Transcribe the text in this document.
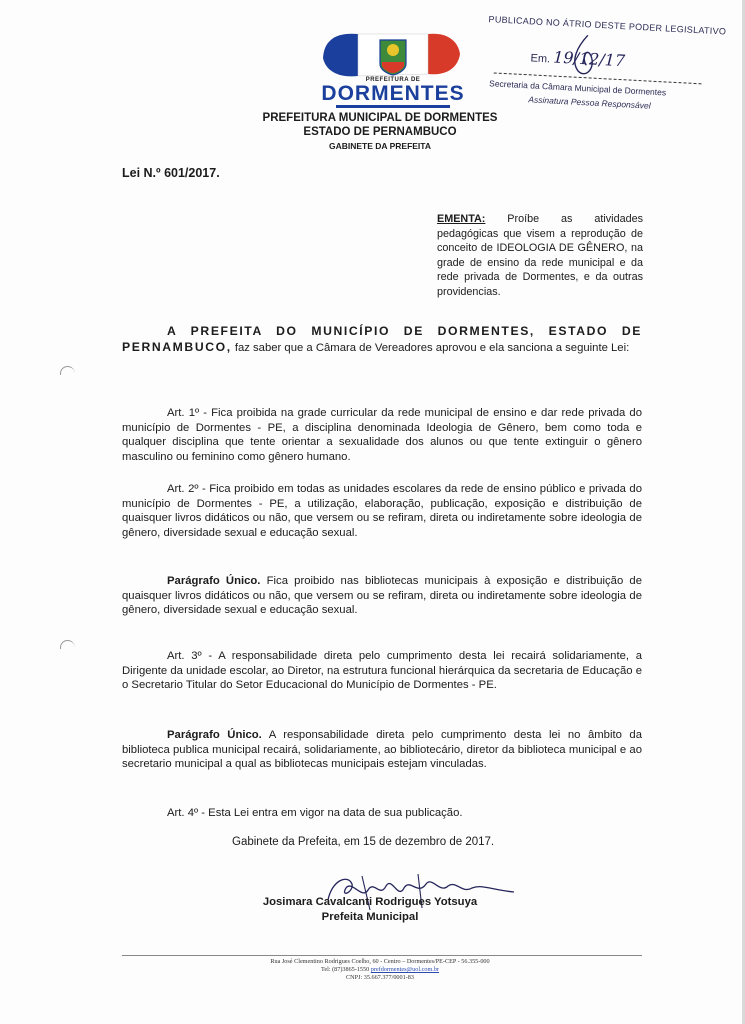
PREFEITURA DE
DORMENTES
PREFEITURA MUNICIPAL DE DORMENTES
ESTADO DE PERNAMBUCO
GABINETE DA PREFEITA
PUBLICADO NO ÁTRIO DESTE PODER LEGISLATIVO
Em. 19/12/17
Secretaria da Câmara Municipal de Dormentes
Assinatura Pessoa Responsável
Lei N.º 601/2017.
EMENTA: Proíbe as atividades pedagógicas que visem a reprodução de conceito de IDEOLOGIA DE GÊNERO, na grade de ensino da rede municipal e da rede privada de Dormentes, e da outras providencias.
A PREFEITA DO MUNICÍPIO DE DORMENTES, ESTADO DE PERNAMBUCO, faz saber que a Câmara de Vereadores aprovou e ela sanciona a seguinte Lei:
Art. 1º - Fica proibida na grade curricular da rede municipal de ensino e dar rede privada do município de Dormentes - PE, a disciplina denominada Ideologia de Gênero, bem como toda e qualquer disciplina que tente orientar a sexualidade dos alunos ou que tente extinguir o gênero masculino ou feminino como gênero humano.
Art. 2º - Fica proibido em todas as unidades escolares da rede de ensino público e privada do município de Dormentes - PE, a utilização, elaboração, publicação, exposição e distribuição de quaisquer livros didáticos ou não, que versem ou se refiram, direta ou indiretamente sobre ideologia de gênero, diversidade sexual e educação sexual.
Parágrafo Único. Fica proibido nas bibliotecas municipais à exposição e distribuição de quaisquer livros didáticos ou não, que versem ou se refiram, direta ou indiretamente sobre ideologia de gênero, diversidade sexual e educação sexual.
Art. 3º - A responsabilidade direta pelo cumprimento desta lei recairá solidariamente, a Dirigente da unidade escolar, ao Diretor, na estrutura funcional hierárquica da secretaria de Educação e o Secretario Titular do Setor Educacional do Município de Dormentes - PE.
Parágrafo Único. A responsabilidade direta pelo cumprimento desta lei no âmbito da biblioteca publica municipal recairá, solidariamente, ao bibliotecário, diretor da biblioteca municipal e ao secretario municipal a qual as bibliotecas municipais estejam vinculadas.
Art. 4º - Esta Lei entra em vigor na data de sua publicação.
Gabinete da Prefeita, em 15 de dezembro de 2017.
Josimara Cavalcanti Rodrigues Yotsuya
Prefeita Municipal
Rua José Clementino Rodrigues Coelho, 60 - Centro – Dormentes/PE-CEP - 56.355-000
Tel: (87)3865-1550 prefdormentes@uol.com.br
CNPJ: 35.667.377/0001-83
